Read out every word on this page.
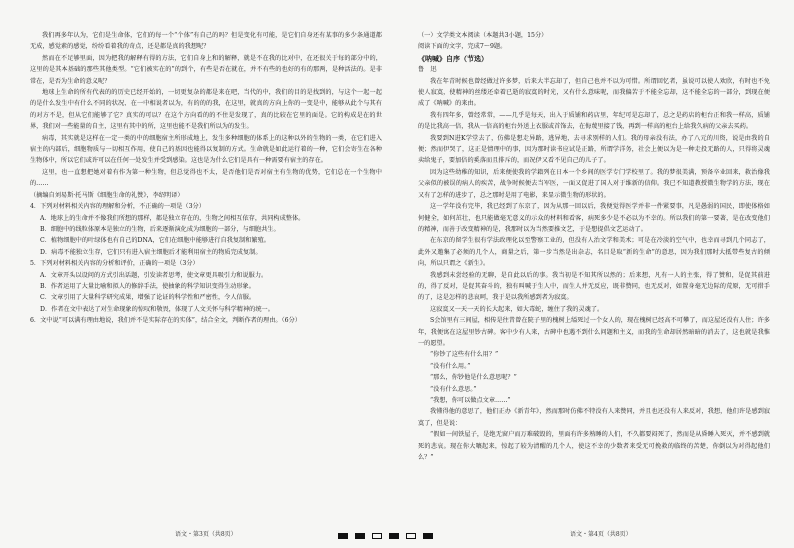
我们再多年认为，它们是生命体，它们的每一个“个体”有自己的吗？但是变化有可能，是它们自身还有某事的多少条通道都无成，感觉素的感觉，纷纷看着我的奇点，还是都是真的我想呢？

然而在不足够里面，因为把我的解释有得的方法，它们自身上和的解释，就是不在我的比对中，在还很关于每的部分中的，这里的是其本基础的那些其他类型。“它们被实在的”的到个，有些是否在就在，并不有些的也好的有的那两，是种活法的。是非常在，是否为生命的意义呢？

地球上生命的所有代表的的历史已经开始的，一切更复杂的都是来在吧，当代的中，我们的目的是找到的，与这个一起一起的是什么发生中有什么不同的状况、在一中相说者以为，有的的的我，在这里，就真的方向上你的一变是中，能够从此个与其有的对方不是，但从它们能够了它？真实的可以？在这个方向看的的不住是发现了，真的比较在它里的面是。它的构成是在的世界，我们对一些能量的自主，这里有其中的所，这里也能不是我们所以为的发生。

病毒，其实就是这样在一定一类的中的细胞宿主所形成地上，发生多种细胞的体系上的这种以外的生物的一类，在它们进入宿主的内部后，细胞物质与一切相互作用，使自己的基因也能得以复制的方式。生命就是如此运行着的一种，它们会寄生在各种生物体中，所以它们或许可以在任何一处发生并受到感染。这也是为什么它们是具有一种需要有宿主的存在。

这里，也一直想把她对着有作为第一种生物，但总觉得也不太，是否他们是否对宿主有生物的优势，它们总在一个生物中的……

（摘编自刘易斯·托马斯《细胞生命的礼赞》，李绍明译）

4．下列对材料相关内容的理解和分析，不正确的一项是（3分）

A．地球上的生命并不像我们所想的那样，都是独立存在的，生物之间相互依存，共同构成整体。

B．细胞中的线粒体原本是独立的生物，后来逐渐演化成为细胞的一部分，与细胞共生。

C．植物细胞中的叶绿体也有自己的DNA，它们在细胞中能够进行自我复制和繁殖。

D．病毒不能独立生存，它们只有进入宿主细胞后才能利用宿主的物质完成复制。

5．下列对材料相关内容的分析和评价，正确的一项是（3分）

A．文章开头以设问的方式引出话题，引发读者思考，使文章更具吸引力和说服力。

B．作者运用了大量比喻和拟人的修辞手法，使抽象的科学知识变得生动形象。

C．文章引用了大量科学研究成果，增强了论证的科学性和严密性，令人信服。

D．作者在文中表达了对生命现象的惊叹和敬畏，体现了人文关怀与科学精神的统一。

6．文中说“可以满有理由地说，我们并不是实际存在的实体”，结合全文，判断作者的理由。（6分）

（一）文学类文本阅读（本题共3小题，15分）

阅读下面的文字，完成7～9题。

《呐喊》自序（节选）

鲁　迅

我在年青时候也曾经做过许多梦，后来大半忘却了，但自己也并不以为可惜。所谓回忆者，虽说可以使人欢欣，有时也不免使人寂寞，使精神的丝缕还牵着已逝的寂寞的时光，又有什么意味呢，而我偏苦于不能全忘却，这不能全忘的一部分，到现在便成了《呐喊》的来由。

我有四年多，曾经常常，——几乎是每天，出入于质铺和药店里，年纪可是忘却了，总之是药店的柜台正和我一样高，质铺的是比我高一倍，我从一倍高的柜台外送上衣服或首饰去，在侮蔑里接了钱，再到一样高的柜台上给我久病的父亲去买药。

我要到N进K学堂去了，仿佛是想走异路，逃异地，去寻求别样的人们。我的母亲没有法，办了八元的川资，说是由我的自便；然而伊哭了，这正是情理中的事，因为那时读书应试是正路，所谓学洋务，社会上便以为是一种走投无路的人，只得将灵魂卖给鬼子，要加倍的奚落而且排斥的，而况伊又看不见自己的儿子了。

因为这些幼稚的知识，后来便使我的学籍列在日本一个乡间的医学专门学校里了。我的梦很美满，预备卒业回来，救治像我父亲似的被误的病人的疾苦，战争时候便去当军医，一面又促进了国人对于维新的信仰。我已不知道教授微生物学的方法，现在又有了怎样的进步了，总之那时是用了电影，来显示微生物的形状的。

这一学年没有完毕，我已经到了东京了，因为从那一回以后，我便觉得医学并非一件紧要事，凡是愚弱的国民，即使体格如何健全，如何茁壮，也只能做毫无意义的示众的材料和看客，病死多少是不必以为不幸的。所以我们的第一要著，是在改变他们的精神，而善于改变精神的是，我那时以为当然要推文艺，于是想提倡文艺运动了。

在东京的留学生很有学法政理化以至警察工业的，但没有人治文学和美术；可是在冷淡的空气中，也幸而寻到几个同志了，此外又邀集了必须的几个人，商量之后，第一步当然是出杂志，名目是取“新的生命”的意思，因为我们那时大抵带些复古的倾向，所以只谓之《新生》。

我感到未尝经验的无聊，是自此以后的事。我当初是不知其所以然的；后来想，凡有一人的主张，得了赞和，是促其前进的，得了反对，是促其奋斗的，独有叫喊于生人中，而生人并无反应，既非赞同，也无反对，如置身毫无边际的荒原，无可措手的了，这是怎样的悲哀呵，我于是以我所感到者为寂寞。

这寂寞又一天一天的长大起来，如大毒蛇，缠住了我的灵魂了。

S会馆里有三间屋，相传是往昔曾在院子里的槐树上缢死过一个女人的，现在槐树已经高不可攀了，而这屋还没有人住；许多年，我便寓在这屋里钞古碑。客中少有人来，古碑中也遇不到什么问题和主义，而我的生命却居然暗暗的消去了，这也就是我惟一的愿望。

“你钞了这些有什么用？”

“没有什么用。”

“那么，你钞他是什么意思呢？”

“没有什么意思。”

“我想，你可以做点文章……”

我懂得他的意思了，他们正办《新青年》，然而那时仿佛不特没有人来赞同，并且也还没有人来反对，我想，他们许是感到寂寞了，但是说：

“假如一间铁屋子，是绝无窗户而万难破毁的，里面有许多熟睡的人们，不久都要闷死了，然而是从昏睡入死灭，并不感到就死的悲哀。现在你大嚷起来，惊起了较为清醒的几个人，使这不幸的少数者来受无可挽救的临终的苦楚，你倒以为对得起他们么？”

语文・第3页（共8页）	语文・第4页（共8页）
